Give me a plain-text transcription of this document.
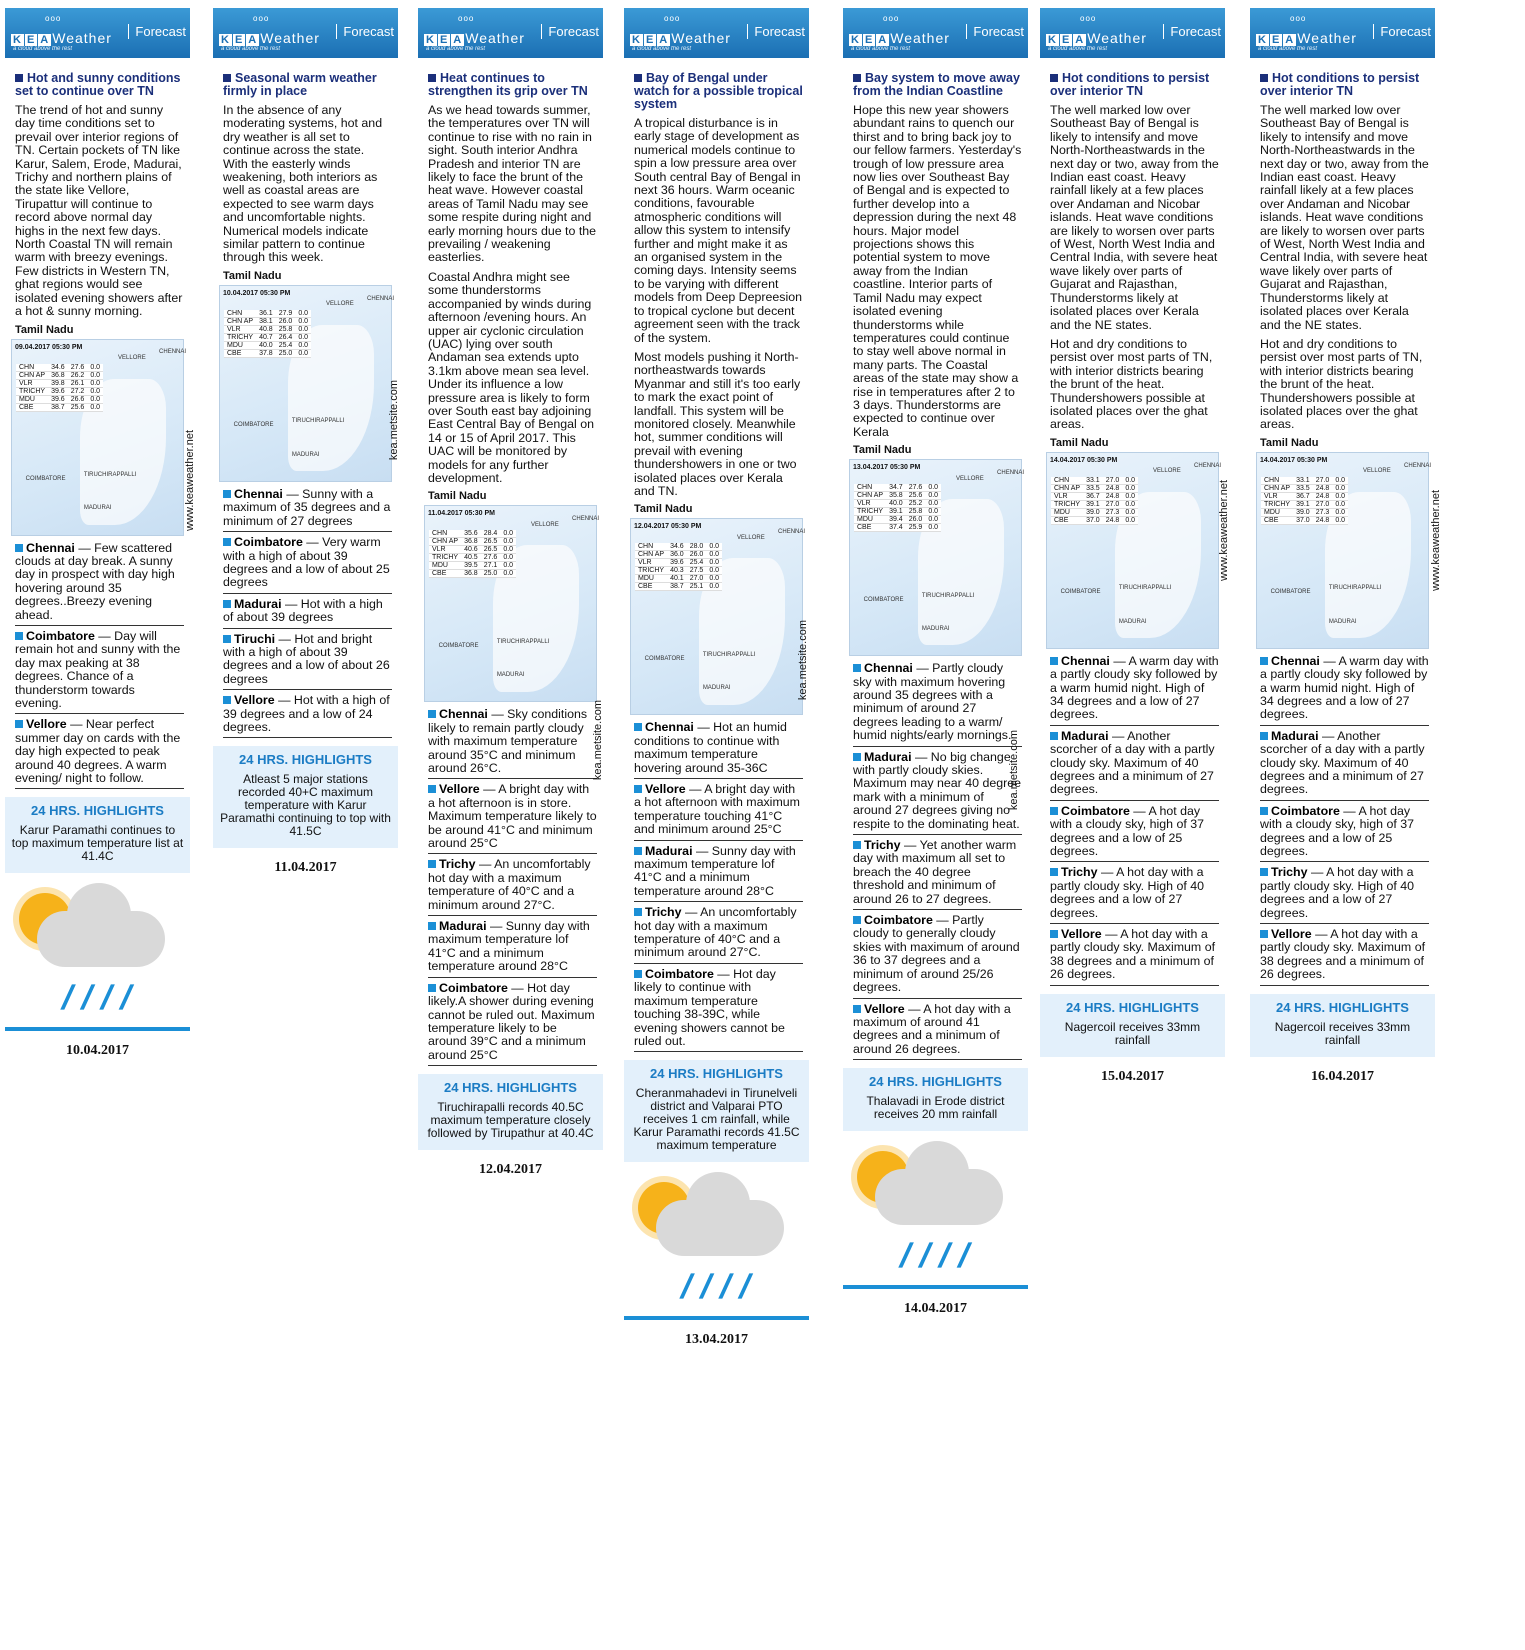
ooo
K E A Weather
a cloud above the rest
Forecast
Hot and sunny conditions set to continue over TN

The trend of hot and sunny day time conditions set to prevail over interior regions of TN. Certain pockets of TN like Karur, Salem, Erode, Madurai, Trichy and northern plains of the state like Vellore, Tirupattur will continue to record above normal day highs in the next few days. North Coastal TN will remain warm with breezy evenings. Few districts in Western TN, ghat regions would see isolated evening showers after a hot & sunny morning.

Tamil Nadu
09.04.2017 05:30 PM
CHN	34.6	27.6	0.0
CHN AP	36.8	26.2	0.0
VLR	39.8	26.1	0.0
TRICHY	39.6	27.2	0.0
MDU	39.6	26.6	0.0
CBE	38.7	25.6	0.0
VELLORE
CHENNAI
COIMBATORE
TIRUCHIRAPPALLI
MADURAI
Chennai — Few scattered clouds at day break. A sunny day in prospect with day high hovering around 35 degrees..Breezy evening ahead.
Coimbatore — Day will remain hot and sunny with the day max peaking at 38 degrees. Chance of a thunderstorm towards evening.
Vellore — Near perfect summer day on cards with the day high expected to peak around 40 degrees. A warm evening/ night to follow.
24 HRS. HIGHLIGHTS
Karur Paramathi continues to top maximum temperature list at 41.4C
////
10.04.2017
ooo
K E A Weather
a cloud above the rest
Forecast
Seasonal warm weather firmly in place

In the absence of any moderating systems, hot and dry weather is all set to continue across the state. With the easterly winds weakening, both interiors as well as coastal areas are expected to see warm days and uncomfortable nights. Numerical models indicate similar pattern to continue through this week.

Tamil Nadu
10.04.2017 05:30 PM
CHN	36.1	27.9	0.0
CHN AP	38.1	26.0	0.0
VLR	40.8	25.8	0.0
TRICHY	40.7	26.4	0.0
MDU	40.0	25.4	0.0
CBE	37.8	25.0	0.0
VELLORE
CHENNAI
COIMBATORE
TIRUCHIRAPPALLI
MADURAI
Chennai — Sunny with a maximum of 35 degrees and a minimum of 27 degrees
Coimbatore — Very warm with a high of about 39 degrees and a low of about 25 degrees
Madurai — Hot with a high of about 39 degrees
Tiruchi — Hot and bright with a high of about 39 degrees and a low of about 26 degrees
Vellore — Hot with a high of 39 degrees and a low of 24 degrees.
24 HRS. HIGHLIGHTS
Atleast 5 major stations recorded 40+C maximum temperature with Karur Paramathi continuing to top with 41.5C
11.04.2017
ooo
K E A Weather
a cloud above the rest
Forecast
Heat continues to strengthen its grip over TN

As we head towards summer, the temperatures over TN will continue to rise with no rain in sight. South interior Andhra Pradesh and interior TN are likely to face the brunt of the heat wave. However coastal areas of Tamil Nadu may see some respite during night and early morning hours due to the prevailing / weakening easterlies.

Coastal Andhra might see some thunderstorms accompanied by winds during afternoon /evening hours. An upper air cyclonic circulation (UAC) lying over south Andaman sea extends upto 3.1km above mean sea level. Under its influence a low pressure area is likely to form over South east bay adjoining East Central Bay of Bengal on 14 or 15 of April 2017. This UAC will be monitored by models for any further development.

Tamil Nadu
11.04.2017 05:30 PM
CHN	35.6	28.4	0.0
CHN AP	36.8	26.5	0.0
VLR	40.6	26.5	0.0
TRICHY	40.5	27.6	0.0
MDU	39.5	27.1	0.0
CBE	36.8	25.0	0.0
VELLORE
CHENNAI
COIMBATORE
TIRUCHIRAPPALLI
MADURAI
Chennai — Sky conditions likely to remain partly cloudy with maximum temperature around 35°C and minimum around 26°C.
Vellore — A bright day with a hot afternoon is in store. Maximum temperature likely to be around 41°C and minimum around 25°C
Trichy — An uncomfortably hot day with a maximum temperature of 40°C and a minimum around 27°C.
Madurai — Sunny day with maximum temperature lof 41°C and a minimum temperature around 28°C
Coimbatore — Hot day likely.A shower during evening cannot be ruled out. Maximum temperature likely to be around 39°C and a minimum around 25°C
24 HRS. HIGHLIGHTS
Tiruchirapalli records 40.5C maximum temperature closely followed by Tirupathur at 40.4C
12.04.2017
ooo
K E A Weather
a cloud above the rest
Forecast
Bay of Bengal under watch for a possible tropical system

A tropical disturbance is in early stage of development as numerical models continue to spin a low pressure area over South central Bay of Bengal in next 36 hours. Warm oceanic conditions, favourable atmospheric conditions will allow this system to intensify further and might make it as an organised system in the coming days. Intensity seems to be varying with different models from Deep Depreesion to tropical cyclone but decent agreement seen with the track of the system.

Most models pushing it North-northeastwards towards Myanmar and still it's too early to mark the exact point of landfall. This system will be monitored closely. Meanwhile hot, summer conditions will prevail with evening thundershowers in one or two isolated places over Kerala and TN.

Tamil Nadu
12.04.2017 05:30 PM
CHN	34.6	28.0	0.0
CHN AP	36.0	26.0	0.0
VLR	39.6	25.4	0.0
TRICHY	40.3	27.5	0.0
MDU	40.1	27.0	0.0
CBE	38.7	25.1	0.0
VELLORE
CHENNAI
COIMBATORE
TIRUCHIRAPPALLI
MADURAI
Chennai — Hot an humid conditions to continue with maximum temperature hovering around 35-36C
Vellore — A bright day with a hot afternoon with maximum temperature touching 41°C and minimum around 25°C
Madurai — Sunny day with maximum temperature lof 41°C and a minimum temperature around 28°C
Trichy — An uncomfortably hot day with a maximum temperature of 40°C and a minimum around 27°C.
Coimbatore — Hot day likely to continue with maximum temperature touching 38-39C, while evening showers cannot be ruled out.
24 HRS. HIGHLIGHTS
Cheranmahadevi in Tirunelveli district and Valparai PTO receives 1 cm rainfall, while Karur Paramathi records 41.5C maximum temperature
////
13.04.2017
ooo
K E A Weather
a cloud above the rest
Forecast
Bay system to move away from the Indian Coastline

Hope this new year showers abundant rains to quench our thirst and to bring back joy to our fellow farmers. Yesterday's trough of low pressure area now lies over Southeast Bay of Bengal and is expected to further develop into a depression during the next 48 hours. Major model projections shows this potential system to move away from the Indian coastline. Interior parts of Tamil Nadu may expect isolated evening thunderstorms while temperatures could continue to stay well above normal in many parts. The Coastal areas of the state may show a rise in temperatures after 2 to 3 days. Thunderstorms are expected to continue over Kerala

Tamil Nadu
13.04.2017 05:30 PM
CHN	34.7	27.6	0.0
CHN AP	35.8	25.6	0.0
VLR	40.0	25.2	0.0
TRICHY	39.1	25.8	0.0
MDU	39.4	26.0	0.0
CBE	37.4	25.9	0.0
VELLORE
CHENNAI
COIMBATORE
TIRUCHIRAPPALLI
MADURAI
Chennai — Partly cloudy sky with maximum hovering around 35 degrees with a minimum of around 27 degrees leading to a warm/ humid nights/early mornings.
Madurai — No big change with partly cloudy skies. Maximum may near 40 degree mark with a minimum of around 27 degrees giving no respite to the dominating heat.
Trichy — Yet another warm day with maximum all set to breach the 40 degree threshold and minimum of around 26 to 27 degrees.
Coimbatore — Partly cloudy to generally cloudy skies with maximum of around 36 to 37 degrees and a minimum of around 25/26 degrees.
Vellore — A hot day with a maximum of around 41 degrees and a minimum of around 26 degrees.
24 HRS. HIGHLIGHTS
Thalavadi in Erode district receives 20 mm rainfall
////
14.04.2017
ooo
K E A Weather
a cloud above the rest
Forecast
Hot conditions to persist over interior TN

The well marked low over Southeast Bay of Bengal is likely to intensify and move North-Northeastwards in the next day or two, away from the Indian east coast. Heavy rainfall likely at a few places over Andaman and Nicobar islands. Heat wave conditions are likely to worsen over parts of West, North West India and Central India, with severe heat wave likely over parts of Gujarat and Rajasthan, Thunderstorms likely at isolated places over Kerala and the NE states.

Hot and dry conditions to persist over most parts of TN, with interior districts bearing the brunt of the heat. Thundershowers possible at isolated places over the ghat areas.

Tamil Nadu
14.04.2017 05:30 PM
CHN	33.1	27.0	0.0
CHN AP	33.5	24.8	0.0
VLR	36.7	24.8	0.0
TRICHY	39.1	27.0	0.0
MDU	39.0	27.3	0.0
CBE	37.0	24.8	0.0
VELLORE
CHENNAI
COIMBATORE
TIRUCHIRAPPALLI
MADURAI
Chennai — A warm day with a partly cloudy sky followed by a warm humid night. High of 34 degrees and a low of 27 degrees.
Madurai — Another scorcher of a day with a partly cloudy sky. Maximum of 40 degrees and a minimum of 27 degrees.
Coimbatore — A hot day with a cloudy sky, high of 37 degrees and a low of 25 degrees.
Trichy — A hot day with a partly cloudy sky. High of 40 degrees and a low of 27 degrees.
Vellore — A hot day with a partly cloudy sky. Maximum of 38 degrees and a minimum of 26 degrees.
24 HRS. HIGHLIGHTS
Nagercoil receives 33mm rainfall
15.04.2017
ooo
K E A Weather
a cloud above the rest
Forecast
Hot conditions to persist over interior TN

The well marked low over Southeast Bay of Bengal is likely to intensify and move North-Northeastwards in the next day or two, away from the Indian east coast. Heavy rainfall likely at a few places over Andaman and Nicobar islands. Heat wave conditions are likely to worsen over parts of West, North West India and Central India, with severe heat wave likely over parts of Gujarat and Rajasthan, Thunderstorms likely at isolated places over Kerala and the NE states.

Hot and dry conditions to persist over most parts of TN, with interior districts bearing the brunt of the heat. Thundershowers possible at isolated places over the ghat areas.

Tamil Nadu
14.04.2017 05:30 PM
CHN	33.1	27.0	0.0
CHN AP	33.5	24.8	0.0
VLR	36.7	24.8	0.0
TRICHY	39.1	27.0	0.0
MDU	39.0	27.3	0.0
CBE	37.0	24.8	0.0
VELLORE
CHENNAI
COIMBATORE
TIRUCHIRAPPALLI
MADURAI
Chennai — A warm day with a partly cloudy sky followed by a warm humid night. High of 34 degrees and a low of 27 degrees.
Madurai — Another scorcher of a day with a partly cloudy sky. Maximum of 40 degrees and a minimum of 27 degrees.
Coimbatore — A hot day with a cloudy sky, high of 37 degrees and a low of 25 degrees.
Trichy — A hot day with a partly cloudy sky. High of 40 degrees and a low of 27 degrees.
Vellore — A hot day with a partly cloudy sky. Maximum of 38 degrees and a minimum of 26 degrees.
24 HRS. HIGHLIGHTS
Nagercoil receives 33mm rainfall
16.04.2017
www.keaweather.net
kea.metsite.com
kea.metsite.com
kea.metsite.com
kea.metsite.com
www.keaweather.net	www.keaweather.net
